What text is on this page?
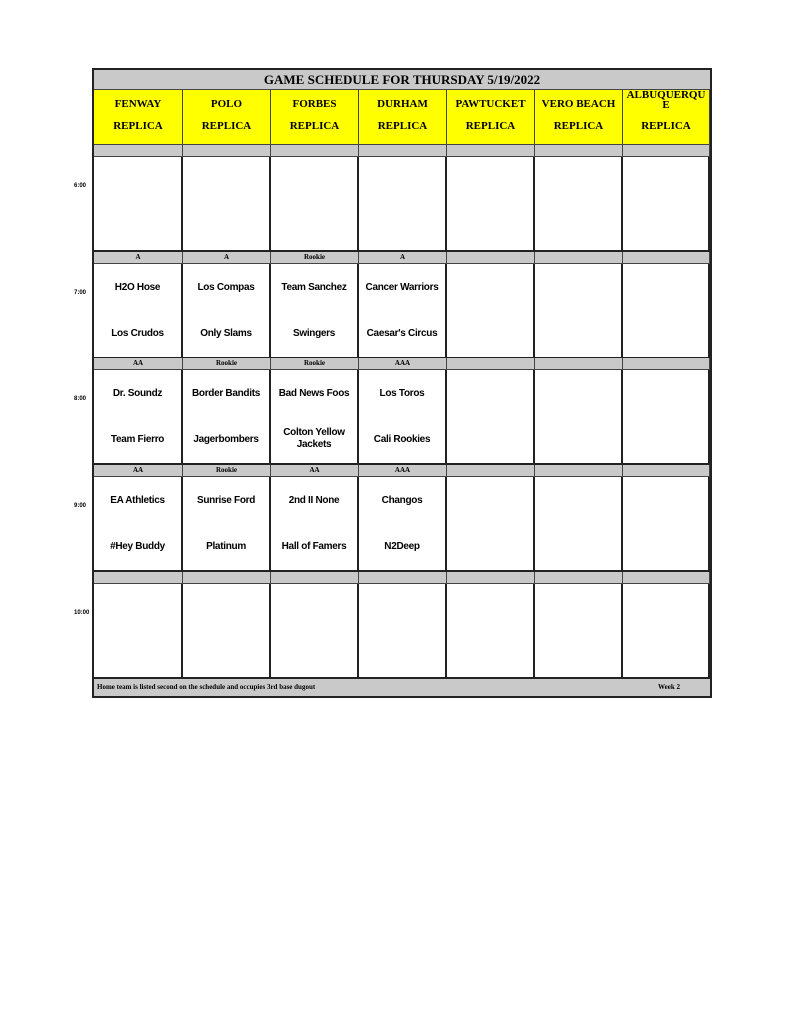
GAME SCHEDULE FOR THURSDAY 5/19/2022
Home team is listed second on the schedule and occupies 3rd base dugout	Week 2
FENWAY
REPLICA
POLO
REPLICA
FORBES
REPLICA
DURHAM
REPLICA
PAWTUCKET
REPLICA
VERO BEACH
REPLICA
ALBUQUERQU E
REPLICA
A
H2O Hose
Los Crudos
A
Los Compas
Only Slams
Rookie
Team Sanchez
Swingers
A
Cancer Warriors
Caesar's Circus
AA
Dr. Soundz
Team Fierro
Rookie
Border Bandits
Jagerbombers
Rookie
Bad News Foos
Colton Yellow Jackets
AAA
Los Toros
Cali Rookies
AA
EA Athletics
#Hey Buddy
Rookie
Sunrise Ford
Platinum
AA
2nd II None
Hall of Famers
AAA
Changos
N2Deep
6:00
7:00
8:00
9:00
10:00
